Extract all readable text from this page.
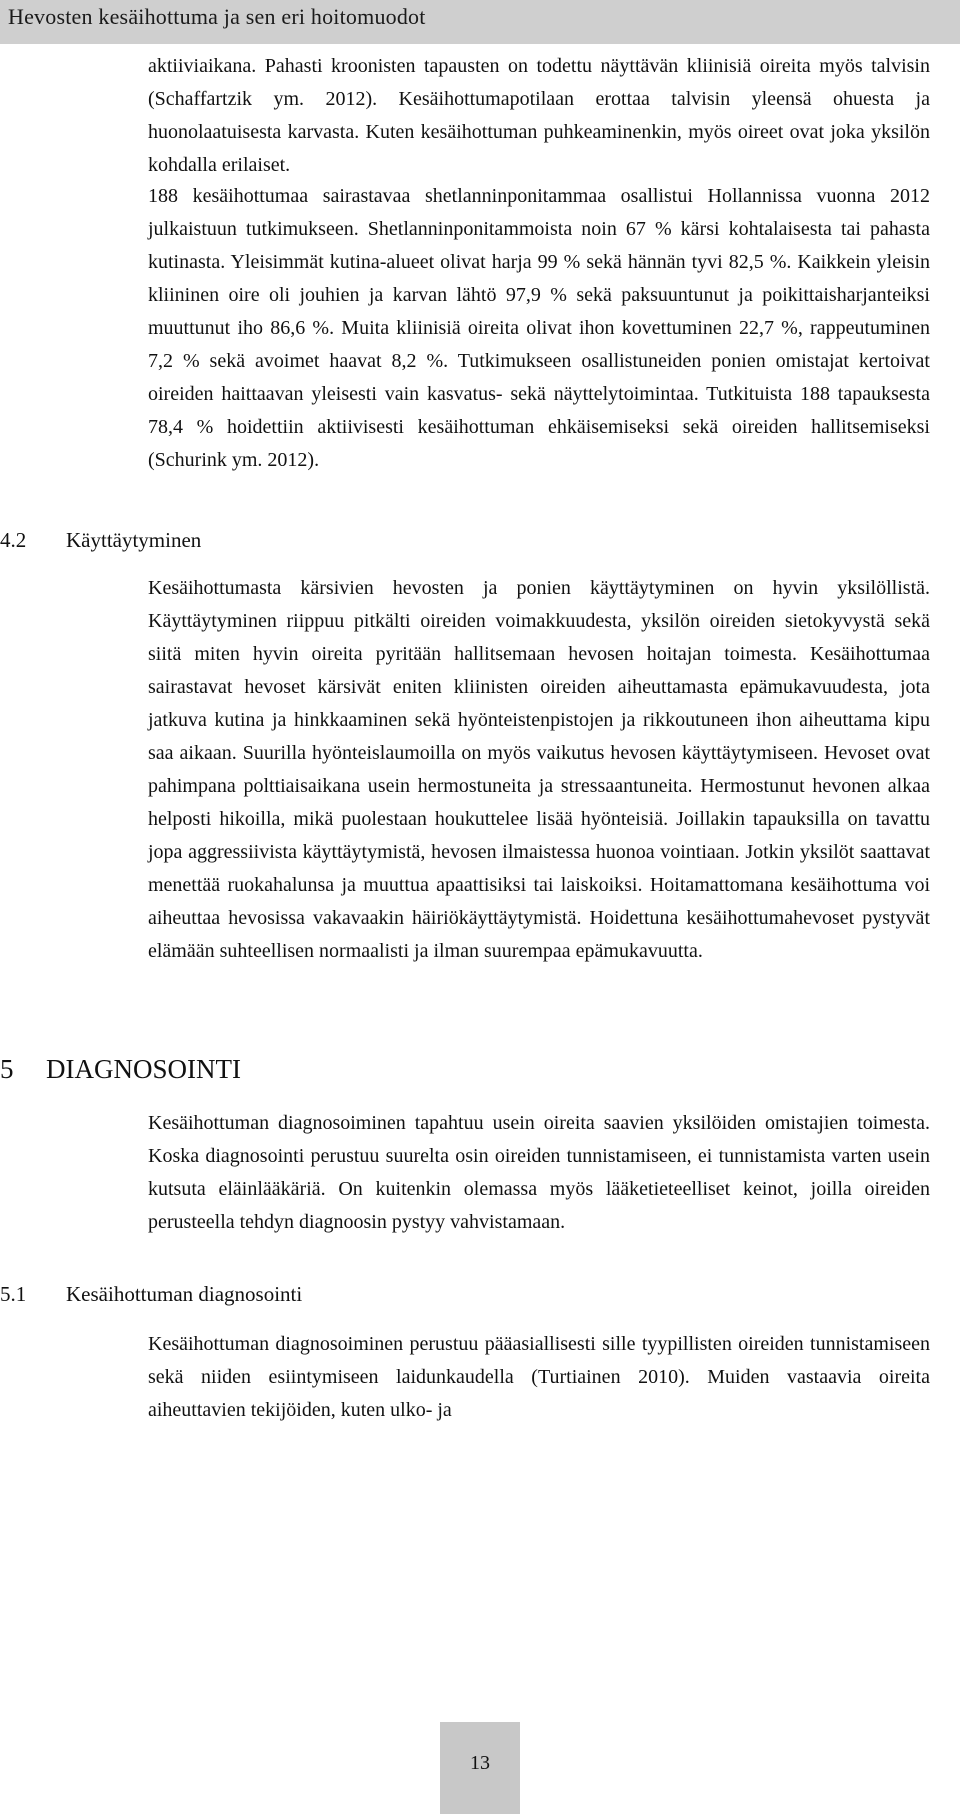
Hevosten kesäihottuma ja sen eri hoitomuodot

aktiiviaikana. Pahasti kroonisten tapausten on todettu näyttävän kliinisiä oireita myös talvisin (Schaffartzik ym. 2012). Kesäihottumapotilaan erottaa talvisin yleensä ohuesta ja huonolaatuisesta karvasta. Kuten kesäihottuman puhkeaminenkin, myös oireet ovat joka yksilön kohdalla erilaiset.

188 kesäihottumaa sairastavaa shetlanninponitammaa osallistui Hollannissa vuonna 2012 julkaistuun tutkimukseen. Shetlanninponitammoista noin 67 % kärsi kohtalaisesta tai pahasta kutinasta. Yleisimmät kutina-alueet olivat harja 99 % sekä hännän tyvi 82,5 %. Kaikkein yleisin kliininen oire oli jouhien ja karvan lähtö 97,9 % sekä paksuuntunut ja poikittaisharjanteiksi muuttunut iho 86,6 %. Muita kliinisiä oireita olivat ihon kovettuminen 22,7 %, rappeutuminen 7,2 % sekä avoimet haavat 8,2 %. Tutkimukseen osallistuneiden ponien omistajat kertoivat oireiden haittaavan yleisesti vain kasvatus- sekä näyttelytoimintaa. Tutkituista 188 tapauksesta 78,4 % hoidettiin aktiivisesti kesäihottuman ehkäisemiseksi sekä oireiden hallitsemiseksi (Schurink ym. 2012).

4.2 Käyttäytyminen

Kesäihottumasta kärsivien hevosten ja ponien käyttäytyminen on hyvin yksilöllistä. Käyttäytyminen riippuu pitkälti oireiden voimakkuudesta, yksilön oireiden sietokyvystä sekä siitä miten hyvin oireita pyritään hallitsemaan hevosen hoitajan toimesta. Kesäihottumaa sairastavat hevoset kärsivät eniten kliinisten oireiden aiheuttamasta epämukavuudesta, jota jatkuva kutina ja hinkkaaminen sekä hyönteistenpistojen ja rikkoutuneen ihon aiheuttama kipu saa aikaan. Suurilla hyönteislaumoilla on myös vaikutus hevosen käyttäytymiseen. Hevoset ovat pahimpana polttiaisaikana usein hermostuneita ja stressaantuneita. Hermostunut hevonen alkaa helposti hikoilla, mikä puolestaan houkuttelee lisää hyönteisiä. Joillakin tapauksilla on tavattu jopa aggressiivista käyttäytymistä, hevosen ilmaistessa huonoa vointiaan. Jotkin yksilöt saattavat menettää ruokahalunsa ja muuttua apaattisiksi tai laiskoiksi. Hoitamattomana kesäihottuma voi aiheuttaa hevosissa vakavaakin häiriökäyttäytymistä. Hoidettuna kesäihottumahevoset pystyvät elämään suhteellisen normaalisti ja ilman suurempaa epämukavuutta.

5 DIAGNOSOINTI

Kesäihottuman diagnosoiminen tapahtuu usein oireita saavien yksilöiden omistajien toimesta. Koska diagnosointi perustuu suurelta osin oireiden tunnistamiseen, ei tunnistamista varten usein kutsuta eläinlääkäriä. On kuitenkin olemassa myös lääketieteelliset keinot, joilla oireiden perusteella tehdyn diagnoosin pystyy vahvistamaan.

5.1 Kesäihottuman diagnosointi

Kesäihottuman diagnosoiminen perustuu pääasiallisesti sille tyypillisten oireiden tunnistamiseen sekä niiden esiintymiseen laidunkaudella (Turtiainen 2010). Muiden vastaavia oireita aiheuttavien tekijöiden, kuten ulko- ja

13
